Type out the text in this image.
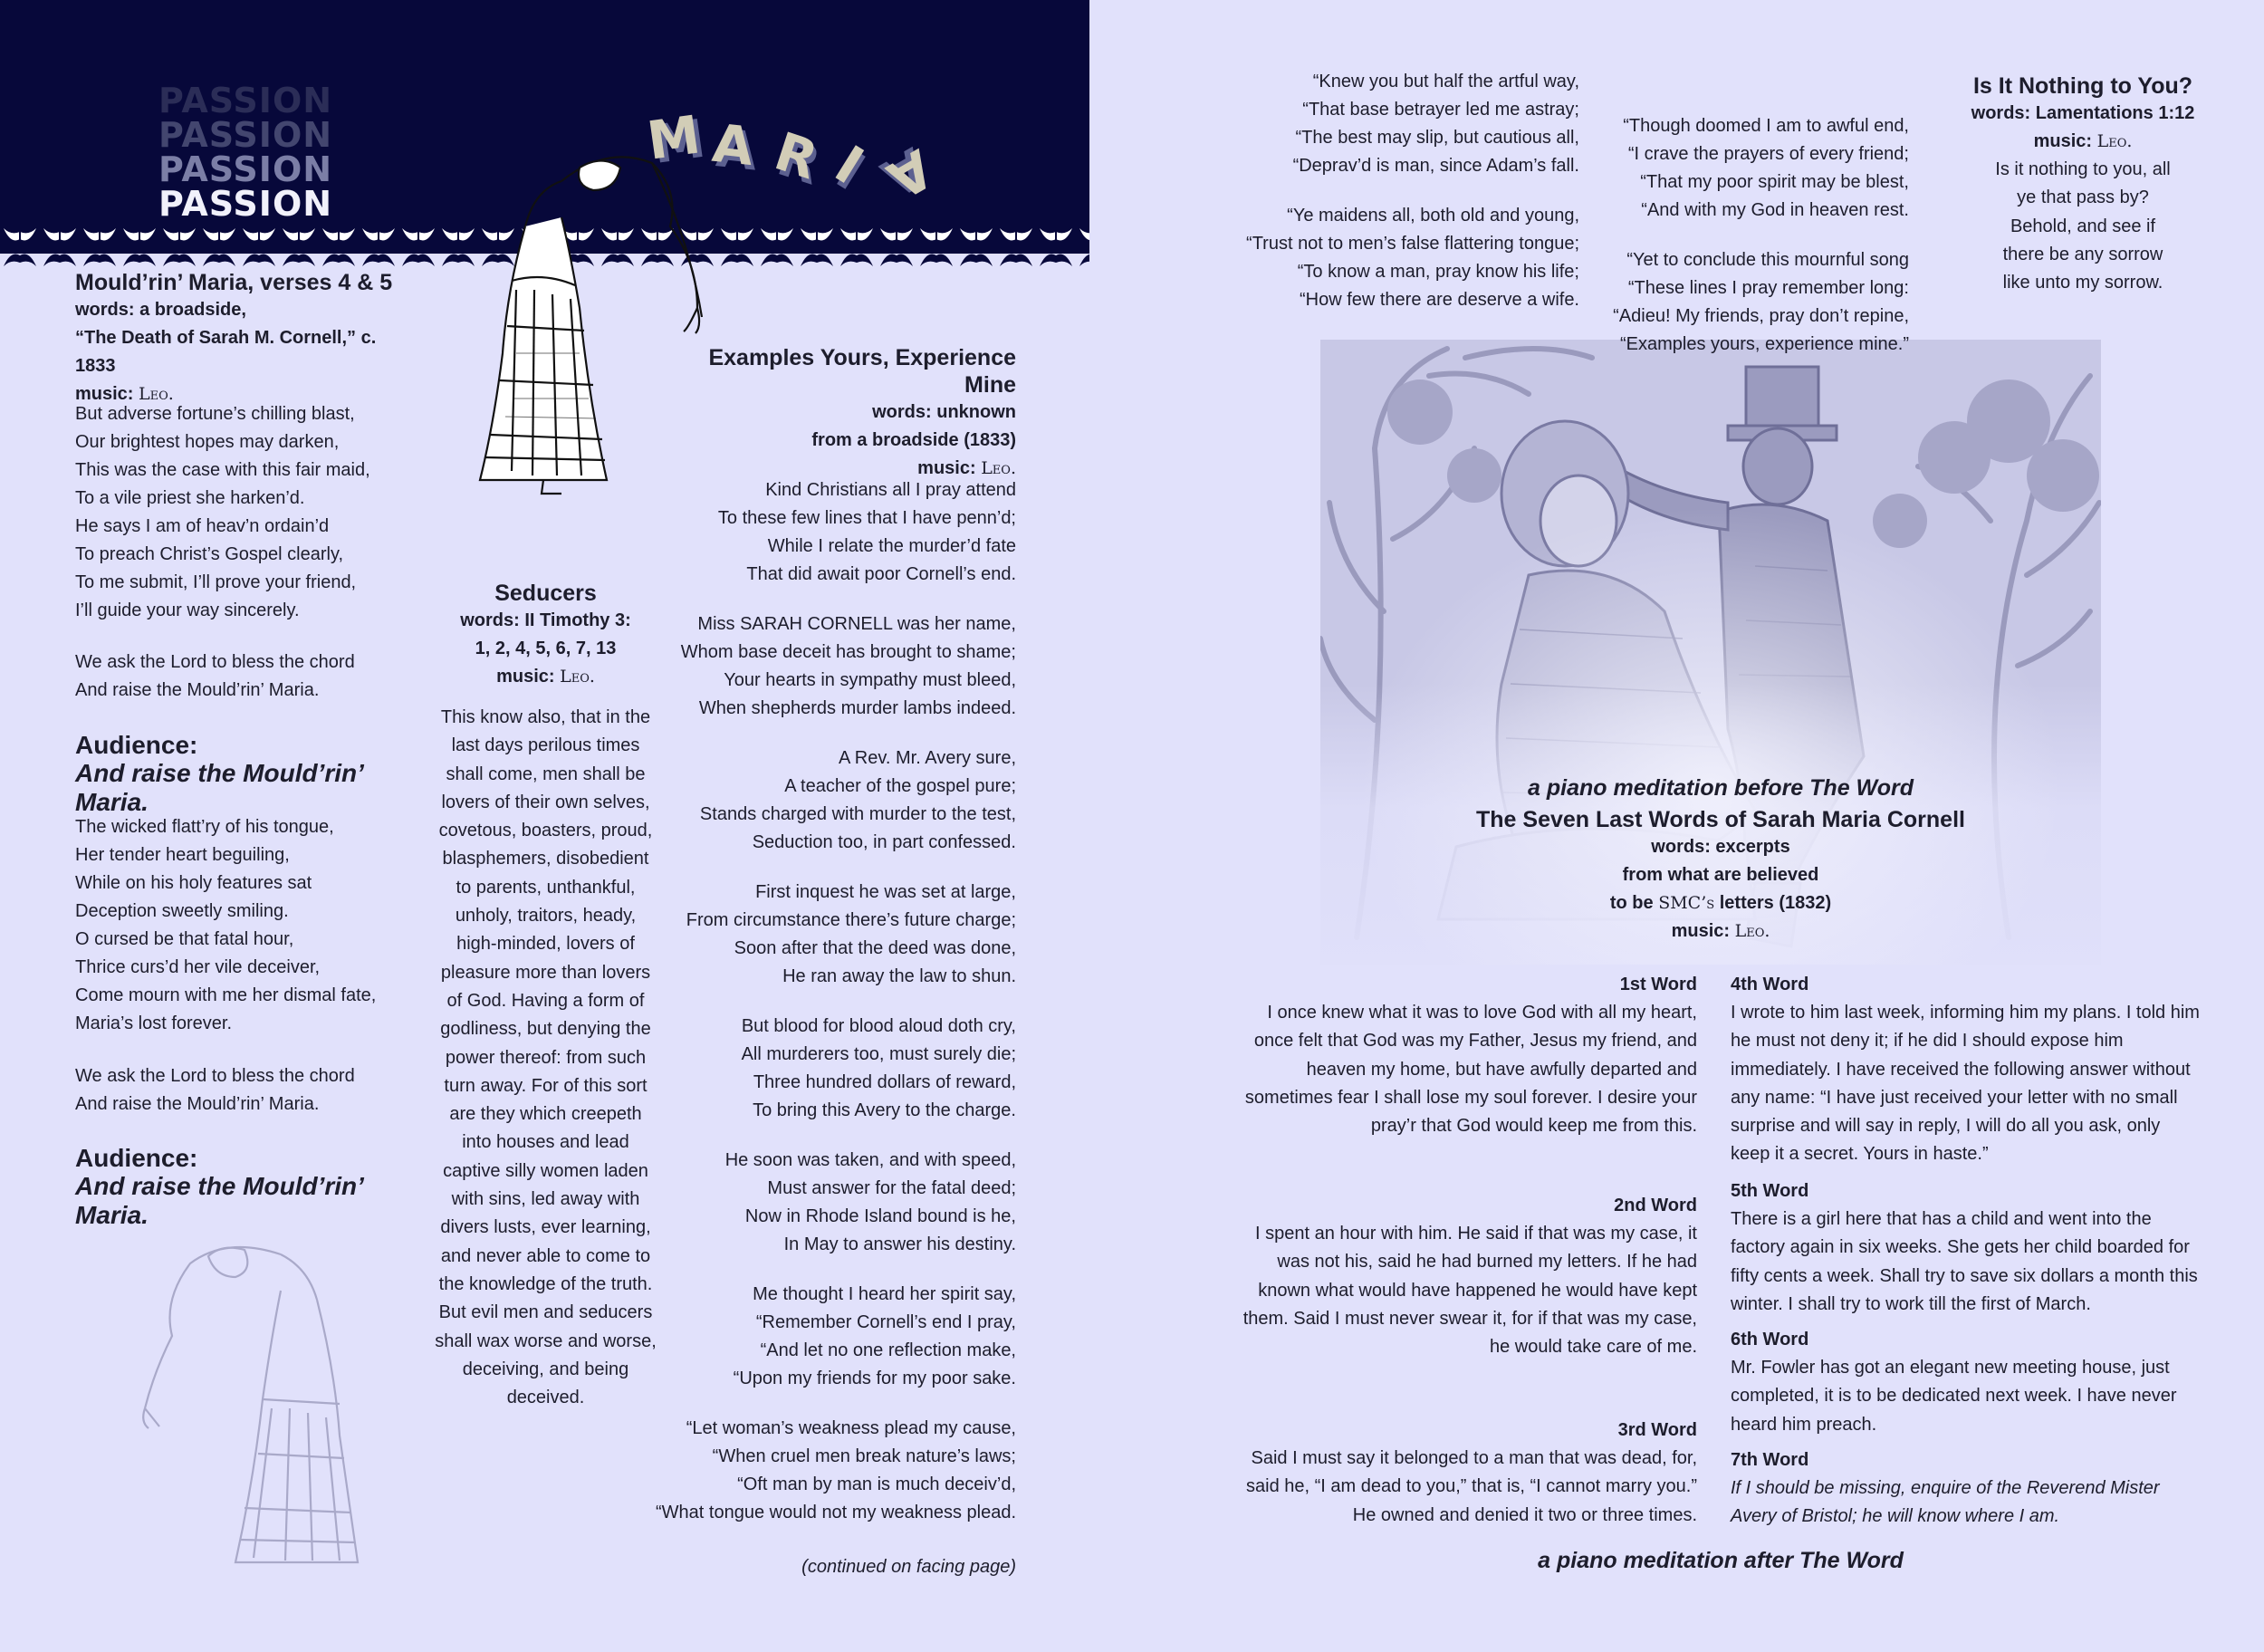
PASSION
PASSION
PASSION
PASSION
M A R I A
Mould’rin’ Maria, verses 4 & 5
words: a broadside,
“The Death of Sarah M. Cornell,” c. 1833
music: Leo.

But adverse fortune’s chilling blast,
Our brightest hopes may darken,
This was the case with this fair maid,
To a vile priest she harken’d.
He says I am of heav’n ordain’d
To preach Christ’s Gospel clearly,
To me submit, I’ll prove your friend,
I’ll guide your way sincerely.

We ask the Lord to bless the chord
And raise the Mould’rin’ Maria.

Audience:
And raise the Mould’rin’ Maria.

The wicked flatt’ry of his tongue,
Her tender heart beguiling,
While on his holy features sat
Deception sweetly smiling.
O cursed be that fatal hour,
Thrice curs’d her vile deceiver,
Come mourn with me her dismal fate,
Maria’s lost forever.

We ask the Lord to bless the chord
And raise the Mould’rin’ Maria.

Audience:
And raise the Mould’rin’ Maria.
Seducers
words: II Timothy 3:
1, 2, 4, 5, 6, 7, 13
music: Leo.

This know also, that in the last days perilous times shall come, men shall be lovers of their own selves, covetous, boasters, proud, blasphemers, disobedient to parents, unthankful, unholy, traitors, heady, high-minded, lovers of pleasure more than lovers of God. Having a form of godliness, but denying the power thereof: from such turn away. For of this sort are they which creepeth into houses and lead captive silly women laden with sins, led away with divers lusts, ever learning, and never able to come to the knowledge of the truth. But evil men and seducers shall wax worse and worse, deceiving, and being deceived.

Examples Yours, Experience Mine
words: unknown
from a broadside (1833)
music: Leo.

Kind Christians all I pray attend
To these few lines that I have penn’d;
While I relate the murder’d fate
That did await poor Cornell’s end.

Miss SARAH CORNELL was her name,
Whom base deceit has brought to shame;
Your hearts in sympathy must bleed,
When shepherds murder lambs indeed.

A Rev. Mr. Avery sure,
A teacher of the gospel pure;
Stands charged with murder to the test,
Seduction too, in part confessed.

First inquest he was set at large,
From circumstance there’s future charge;
Soon after that the deed was done,
He ran away the law to shun.

But blood for blood aloud doth cry,
All murderers too, must surely die;
Three hundred dollars of reward,
To bring this Avery to the charge.

He soon was taken, and with speed,
Must answer for the fatal deed;
Now in Rhode Island bound is he,
In May to answer his destiny.

Me thought I heard her spirit say,
“Remember Cornell’s end I pray,
“And let no one reflection make,
“Upon my friends for my poor sake.

“Let woman’s weakness plead my cause,
“When cruel men break nature’s laws;
“Oft man by man is much deceiv’d,
“What tongue would not my weakness plead.

(continued on facing page)

“Knew you but half the artful way,
“That base betrayer led me astray;
“The best may slip, but cautious all,
“Deprav’d is man, since Adam’s fall.

“Ye maidens all, both old and young,
“Trust not to men’s false flattering tongue;
“To know a man, pray know his life;
“How few there are deserve a wife.

“Though doomed I am to awful end,
“I crave the prayers of every friend;
“That my poor spirit may be blest,
“And with my God in heaven rest.

“Yet to conclude this mournful song
“These lines I pray remember long:
“Adieu! My friends, pray don’t repine,
“Examples yours, experience mine.”

Is It Nothing to You?
words: Lamentations 1:12
music: Leo.

Is it nothing to you, all ye that pass by? Behold, and see if there be any sorrow like unto my sorrow.

a piano meditation before The Word
The Seven Last Words of Sarah Maria Cornell
words: excerpts
from what are believed
to be SMC’s letters (1832)
music: Leo.

1st Word

I once knew what it was to love God with all my heart, once felt that God was my Father, Jesus my friend, and heaven my home, but have awfully departed and sometimes fear I shall lose my soul forever. I desire your pray’r that God would keep me from this.

2nd Word

I spent an hour with him. He said if that was my case, it was not his, said he had burned my letters. If he had known what would have happened he would have kept them. Said I must never swear it, for if that was my case, he would take care of me.

3rd Word

Said I must say it belonged to a man that was dead, for, said he, “I am dead to you,” that is, “I cannot marry you.” He owned and denied it two or three times.

4th Word

I wrote to him last week, informing him my plans. I told him he must not deny it; if he did I should expose him immediately. I have received the following answer without any name: “I have just received your letter with no small surprise and will say in reply, I will do all you ask, only keep it a secret. Yours in haste.”

5th Word

There is a girl here that has a child and went into the factory again in six weeks. She gets her child boarded for fifty cents a week. Shall try to save six dollars a month this winter. I shall try to work till the first of March.

6th Word

Mr. Fowler has got an elegant new meeting house, just completed, it is to be dedicated next week. I have never heard him preach.

7th Word

If I should be missing, enquire of the Reverend Mister Avery of Bristol; he will know where I am.

a piano meditation after The Word
